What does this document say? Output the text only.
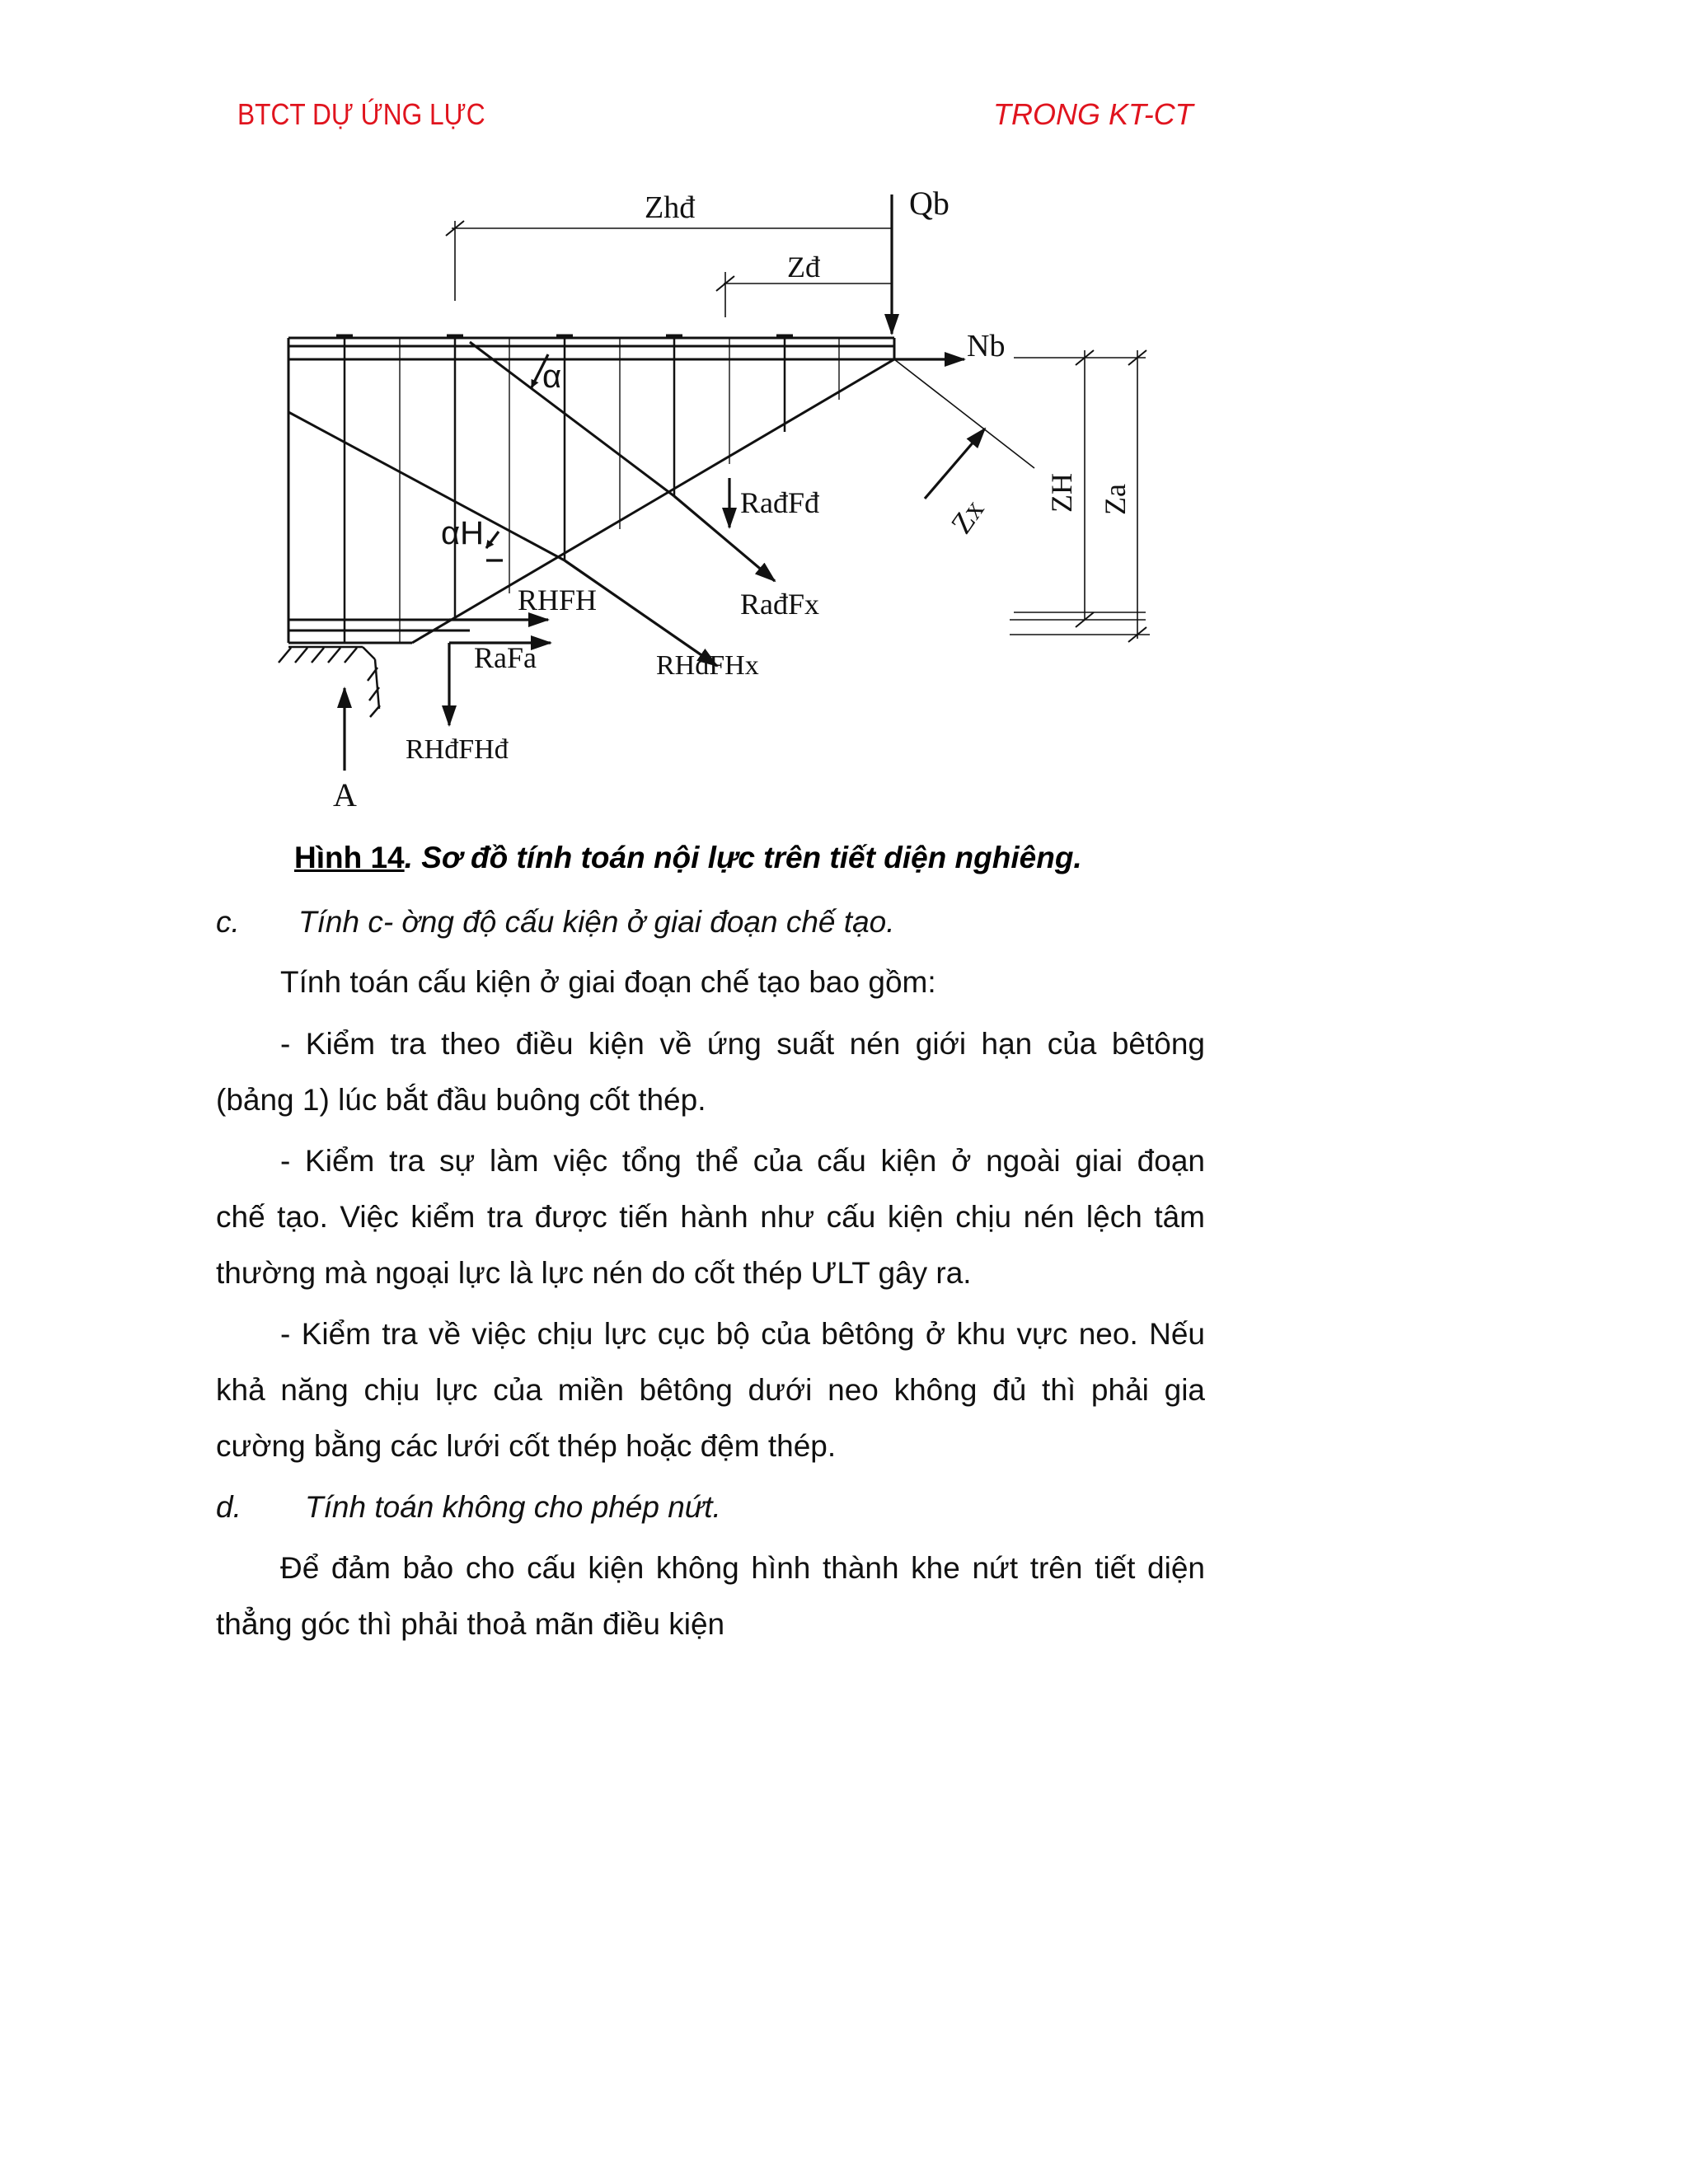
BTCT DỰ ỨNG LỰC	TRONG KT-CT
Zhđ
Zđ
Qb
Nb
α
αH
RađFđ
RađFx
RHFH
RaFa	RHđFHx
RHđFHđ
A
Zx
ZH Za
Hình 14. Sơ đồ tính toán nội lực trên tiết diện nghiêng.
c. Tính c- ờng độ cấu kiện ở giai đoạn chế tạo.
Tính toán cấu kiện ở giai đoạn chế tạo bao gồm:
- Kiểm tra theo điều kiện về ứng suất nén giới hạn của bêtông
(bảng 1) lúc bắt đầu buông cốt thép.
- Kiểm tra sự làm việc tổng thể của cấu kiện ở ngoài giai đoạn
chế tạo. Việc kiểm tra được tiến hành như cấu kiện chịu nén lệch tâm
thường mà ngoại lực là lực nén do cốt thép ƯLT gây ra.
- Kiểm tra về việc chịu lực cục bộ của bêtông ở khu vực neo. Nếu
khả năng chịu lực của miền bêtông dưới neo không đủ thì phải gia
cường bằng các lưới cốt thép hoặc đệm thép.
d. Tính toán không cho phép nứt.
Để đảm bảo cho cấu kiện không hình thành khe nứt trên tiết diện
thẳng góc thì phải thoả mãn điều kiện
